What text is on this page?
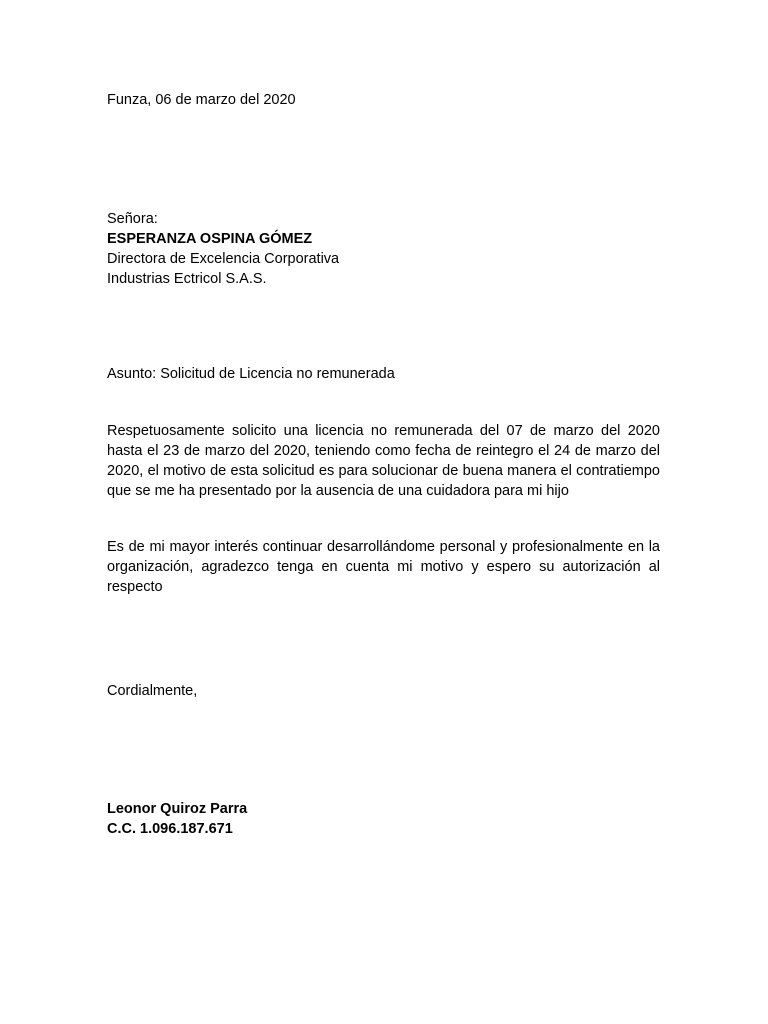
Funza, 06 de marzo del 2020
Señora:
ESPERANZA OSPINA GÓMEZ
Directora de Excelencia Corporativa
Industrias Ectricol S.A.S.
Asunto: Solicitud de Licencia no remunerada
Respetuosamente solicito una licencia no remunerada del 07 de marzo del 2020 hasta el 23 de marzo del 2020, teniendo como fecha de reintegro el 24 de marzo del 2020, el motivo de esta solicitud es para solucionar de buena manera el contratiempo que se me ha presentado por la ausencia de una cuidadora para mi hijo
Es de mi mayor interés continuar desarrollándome personal y profesionalmente en la organización, agradezco tenga en cuenta mi motivo y espero su autorización al respecto
Cordialmente,
Leonor Quiroz Parra
C.C. 1.096.187.671
